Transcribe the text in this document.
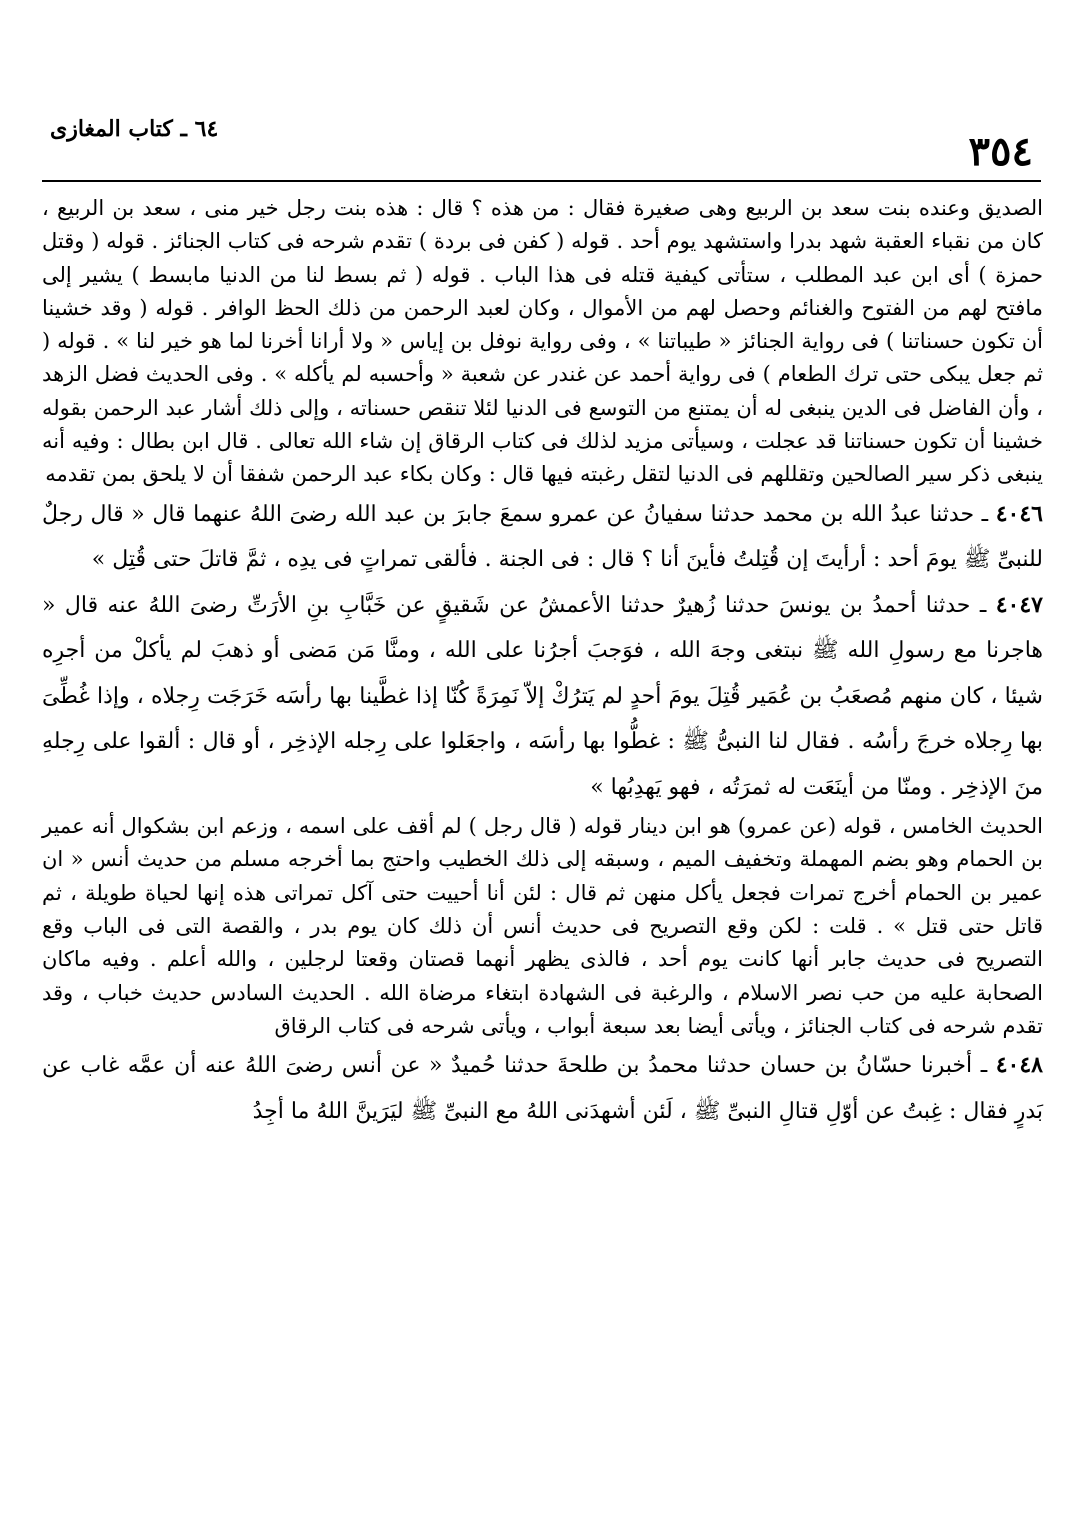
٣٥٤
٦٤ ـ كتاب المغازى

الصديق وعنده بنت سعد بن الربيع وهى صغيرة فقال : من هذه ؟ قال : هذه بنت رجل خير منى ، سعد بن الربيع ، كان من نقباء العقبة شهد بدرا واستشهد يوم أحد . قوله ( كفن فى بردة ) تقدم شرحه فى كتاب الجنائز . قوله ( وقتل حمزة ) أى ابن عبد المطلب ، ستأتى كيفية قتله فى هذا الباب . قوله ( ثم بسط لنا من الدنيا مابسط ) يشير إلى مافتح لهم من الفتوح والغنائم وحصل لهم من الأموال ، وكان لعبد الرحمن من ذلك الحظ الوافر . قوله ( وقد خشينا أن تكون حسناتنا ) فى رواية الجنائز « طيباتنا » ، وفى رواية نوفل بن إياس « ولا أرانا أخرنا لما هو خير لنا » . قوله ( ثم جعل يبكى حتى ترك الطعام ) فى رواية أحمد عن غندر عن شعبة « وأحسبه لم يأكله » . وفى الحديث فضل الزهد ، وأن الفاضل فى الدين ينبغى له أن يمتنع من التوسع فى الدنيا لئلا تنقص حسناته ، وإلى ذلك أشار عبد الرحمن بقوله خشينا أن تكون حسناتنا قد عجلت ، وسيأتى مزيد لذلك فى كتاب الرقاق إن شاء الله تعالى . قال ابن بطال : وفيه أنه ينبغى ذكر سير الصالحين وتقللهم فى الدنيا لتقل رغبته فيها قال : وكان بكاء عبد الرحمن شفقا أن لا يلحق بمن تقدمه

٤٠٤٦ ـ حدثنا عبدُ الله بن محمد حدثنا سفيانُ عن عمرو سمعَ جابرَ بن عبد الله رضىَ اللهُ عنهما قال « قال رجلٌ للنبىِّ ﷺ يومَ أحد : أرأيتَ إن قُتِلتُ فأينَ أنا ؟ قال : فى الجنة . فألقى تمراتٍ فى يدِه ، ثمَّ قاتلَ حتى قُتِل »

٤٠٤٧ ـ حدثنا أحمدُ بن يونسَ حدثنا زُهيرٌ حدثنا الأعمشُ عن شَقيقٍ عن خَبَّابِ بنِ الأرَتِّ رضىَ اللهُ عنه قال « هاجرنا مع رسولِ الله ﷺ نبتغى وجهَ الله ، فوَجبَ أجرُنا على الله ، ومنَّا مَن مَضى أو ذهبَ لم يأكلْ من أجرِه شيئا ، كان منهم مُصعَبُ بن عُمَير قُتِلَ يومَ أحدٍ لم يَترُكْ إلاّ نَمِرَةً كُنّا إذا غطَّينا بها رأسَه خَرَجَت رِجلاه ، وإذا غُطِّىَ بها رِجلاه خرجَ رأسُه . فقال لنا النبىُّ ﷺ : غطُّوا بها رأسَه ، واجعَلوا على رِجله الإذخِر ، أو قال : ألقوا على رِجلهِ منَ الإذخِر . ومنّا من أينَعَت له ثمرَتُه ، فهو يَهدِبُها »

الحديث الخامس ، قوله (عن عمرو) هو ابن دينار قوله ( قال رجل ) لم أقف على اسمه ، وزعم ابن بشكوال أنه عمير بن الحمام وهو بضم المهملة وتخفيف الميم ، وسبقه إلى ذلك الخطيب واحتج بما أخرجه مسلم من حديث أنس « ان عمير بن الحمام أخرج تمرات فجعل يأكل منهن ثم قال : لئن أنا أحييت حتى آكل تمراتى هذه إنها لحياة طويلة ، ثم قاتل حتى قتل » . قلت : لكن وقع التصريح فى حديث أنس أن ذلك كان يوم بدر ، والقصة التى فى الباب وقع التصريح فى حديث جابر أنها كانت يوم أحد ، فالذى يظهر أنهما قصتان وقعتا لرجلين ، والله أعلم . وفيه ماكان الصحابة عليه من حب نصر الاسلام ، والرغبة فى الشهادة ابتغاء مرضاة الله . الحديث السادس حديث خباب ، وقد تقدم شرحه فى كتاب الجنائز ، ويأتى أيضا بعد سبعة أبواب ، ويأتى شرحه فى كتاب الرقاق

٤٠٤٨ ـ أخبرنا حسّانُ بن حسان حدثنا محمدُ بن طلحةَ حدثنا حُميدٌ « عن أنس رضىَ اللهُ عنه أن عمَّه غاب عن بَدرٍ فقال : غِبتُ عن أوّلِ قتالِ النبىِّ ﷺ ، لَئن أشهدَنى اللهُ مع النبىِّ ﷺ ليَرَينَّ اللهُ ما أجِدُ
